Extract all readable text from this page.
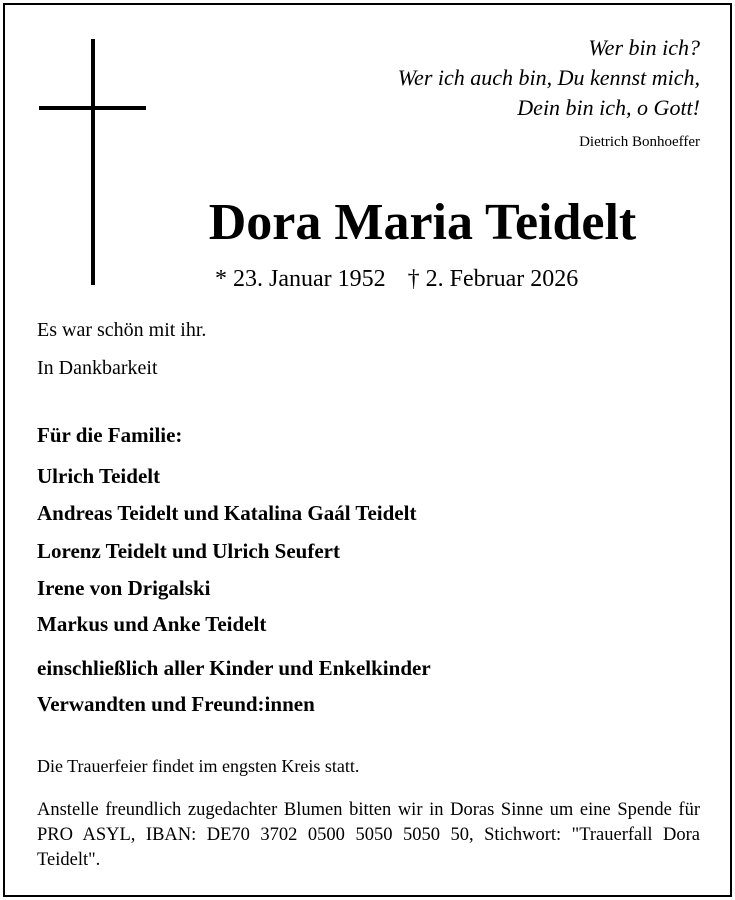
Wer bin ich?
Wer ich auch bin, Du kennst mich,
Dein bin ich, o Gott!
Dietrich Bonhoeffer
Dora Maria Teidelt
* 23. Januar 1952 † 2. Februar 2026
Es war schön mit ihr.
In Dankbarkeit
Für die Familie:
Ulrich Teidelt
Andreas Teidelt und Katalina Gaál Teidelt
Lorenz Teidelt und Ulrich Seufert
Irene von Drigalski
Markus und Anke Teidelt
einschließlich aller Kinder und Enkelkinder
Verwandten und Freund:innen
Die Trauerfeier findet im engsten Kreis statt.
Anstelle freundlich zugedachter Blumen bitten wir in Doras Sinne um eine Spende für PRO ASYL, IBAN: DE70 3702 0500 5050 5050 50, Stichwort: "Trauerfall Dora Teidelt".
